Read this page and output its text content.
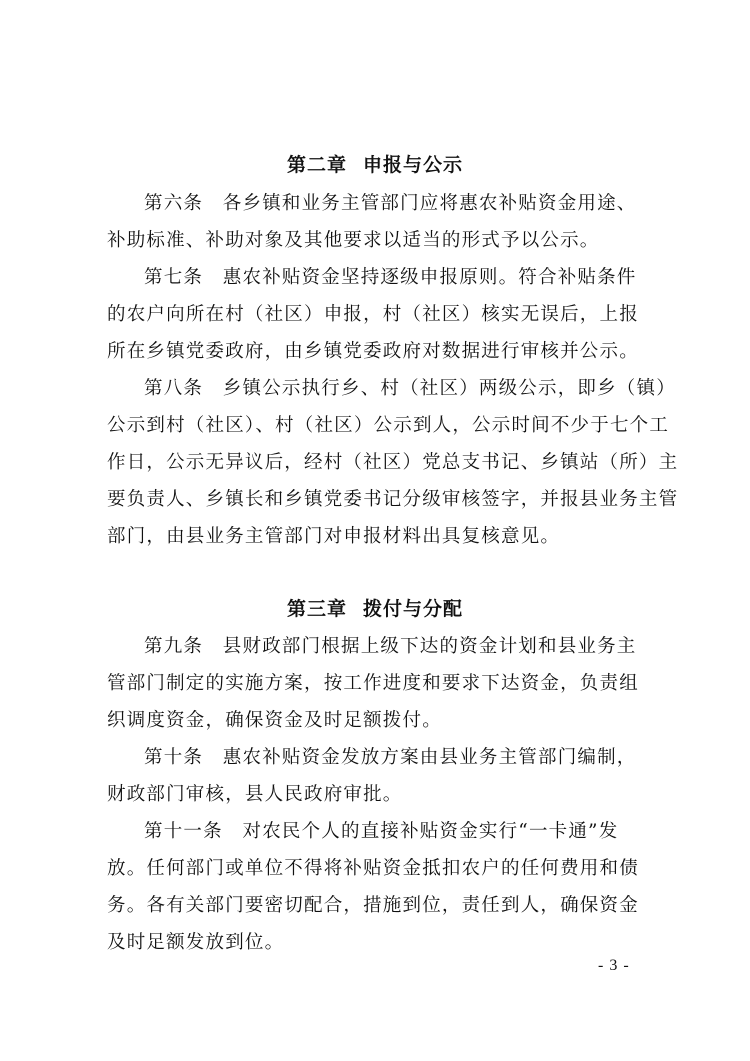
第二章 申报与公示
第六条　各乡镇和业务主管部门应将惠农补贴资金用途、
补助标准、补助对象及其他要求以适当的形式予以公示。
第七条　惠农补贴资金坚持逐级申报原则。符合补贴条件
的农户向所在村（社区）申报，村（社区）核实无误后，上报
所在乡镇党委政府，由乡镇党委政府对数据进行审核并公示。
第八条　乡镇公示执行乡、村（社区）两级公示，即乡（镇）
公示到村（社区）、村（社区）公示到人，公示时间不少于七个工
作日，公示无异议后，经村（社区）党总支书记、乡镇站（所）主
要负责人、乡镇长和乡镇党委书记分级审核签字，并报县业务主管
部门，由县业务主管部门对申报材料出具复核意见。
第三章 拨付与分配
第九条　县财政部门根据上级下达的资金计划和县业务主
管部门制定的实施方案，按工作进度和要求下达资金，负责组
织调度资金，确保资金及时足额拨付。
第十条　惠农补贴资金发放方案由县业务主管部门编制，
财政部门审核，县人民政府审批。
第十一条　对农民个人的直接补贴资金实行“一卡通”发
放。任何部门或单位不得将补贴资金抵扣农户的任何费用和债
务。各有关部门要密切配合，措施到位，责任到人，确保资金
及时足额发放到位。
- 3 -
